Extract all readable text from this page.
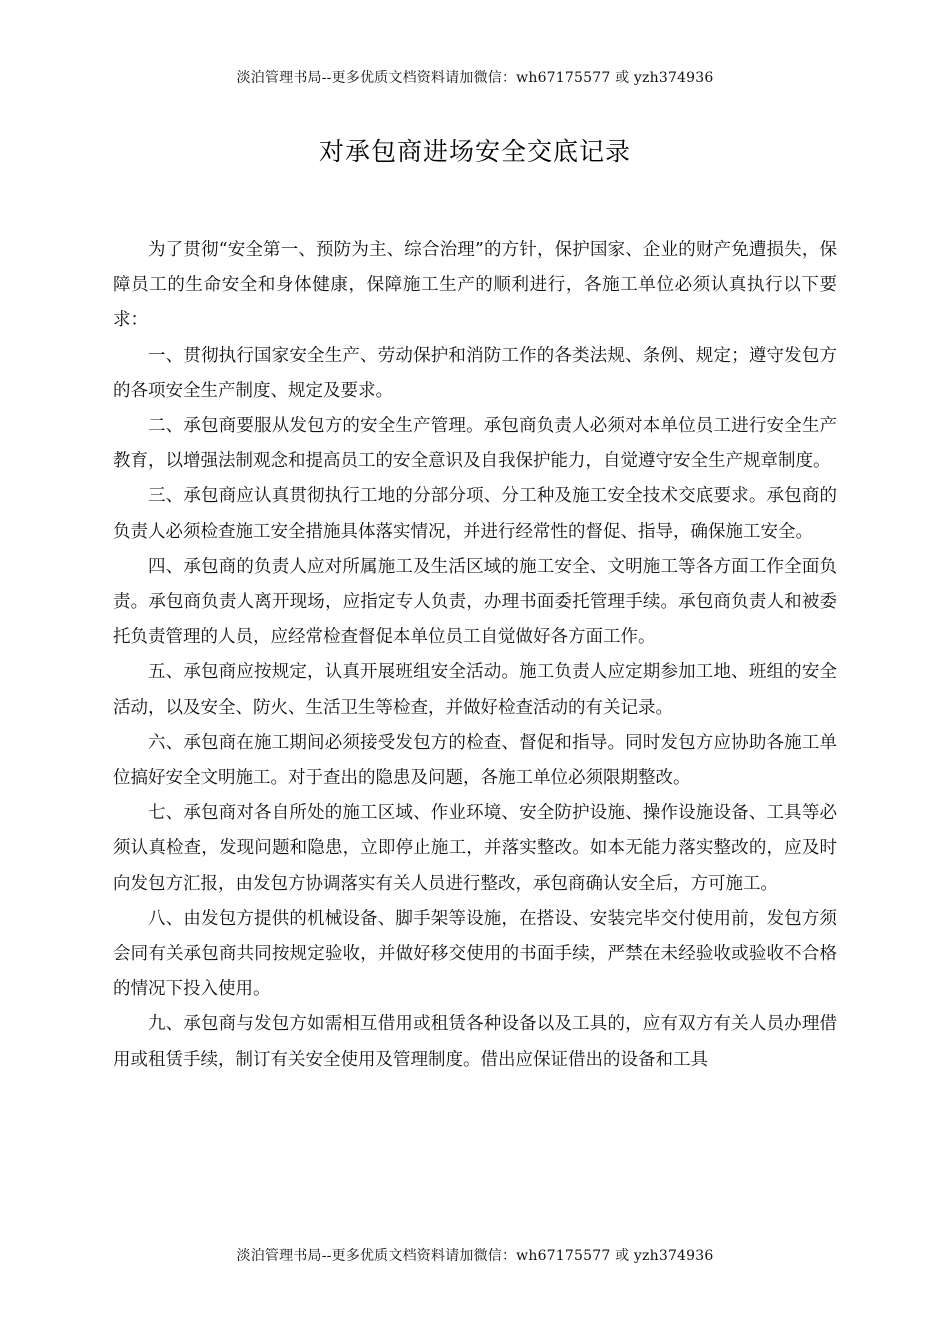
淡泊管理书局--更多优质文档资料请加微信：wh67175577 或 yzh374936
对承包商进场安全交底记录

为了贯彻“安全第一、预防为主、综合治理”的方针，保护国家、企业的财产免遭损失，保障员工的生命安全和身体健康，保障施工生产的顺利进行，各施工单位必须认真执行以下要求：

一、贯彻执行国家安全生产、劳动保护和消防工作的各类法规、条例、规定；遵守发包方的各项安全生产制度、规定及要求。

二、承包商要服从发包方的安全生产管理。承包商负责人必须对本单位员工进行安全生产教育，以增强法制观念和提高员工的安全意识及自我保护能力，自觉遵守安全生产规章制度。

三、承包商应认真贯彻执行工地的分部分项、分工种及施工安全技术交底要求。承包商的负责人必须检查施工安全措施具体落实情况，并进行经常性的督促、指导，确保施工安全。

四、承包商的负责人应对所属施工及生活区域的施工安全、文明施工等各方面工作全面负责。承包商负责人离开现场，应指定专人负责，办理书面委托管理手续。承包商负责人和被委托负责管理的人员，应经常检查督促本单位员工自觉做好各方面工作。

五、承包商应按规定，认真开展班组安全活动。施工负责人应定期参加工地、班组的安全活动，以及安全、防火、生活卫生等检查，并做好检查活动的有关记录。

六、承包商在施工期间必须接受发包方的检查、督促和指导。同时发包方应协助各施工单位搞好安全文明施工。对于查出的隐患及问题，各施工单位必须限期整改。

七、承包商对各自所处的施工区域、作业环境、安全防护设施、操作设施设备、工具等必须认真检查，发现问题和隐患，立即停止施工，并落实整改。如本无能力落实整改的，应及时向发包方汇报，由发包方协调落实有关人员进行整改，承包商确认安全后，方可施工。

八、由发包方提供的机械设备、脚手架等设施，在搭设、安装完毕交付使用前，发包方须会同有关承包商共同按规定验收，并做好移交使用的书面手续，严禁在未经验收或验收不合格的情况下投入使用。

九、承包商与发包方如需相互借用或租赁各种设备以及工具的，应有双方有关人员办理借用或租赁手续，制订有关安全使用及管理制度。借出应保证借出的设备和工具

淡泊管理书局--更多优质文档资料请加微信：wh67175577 或 yzh374936
